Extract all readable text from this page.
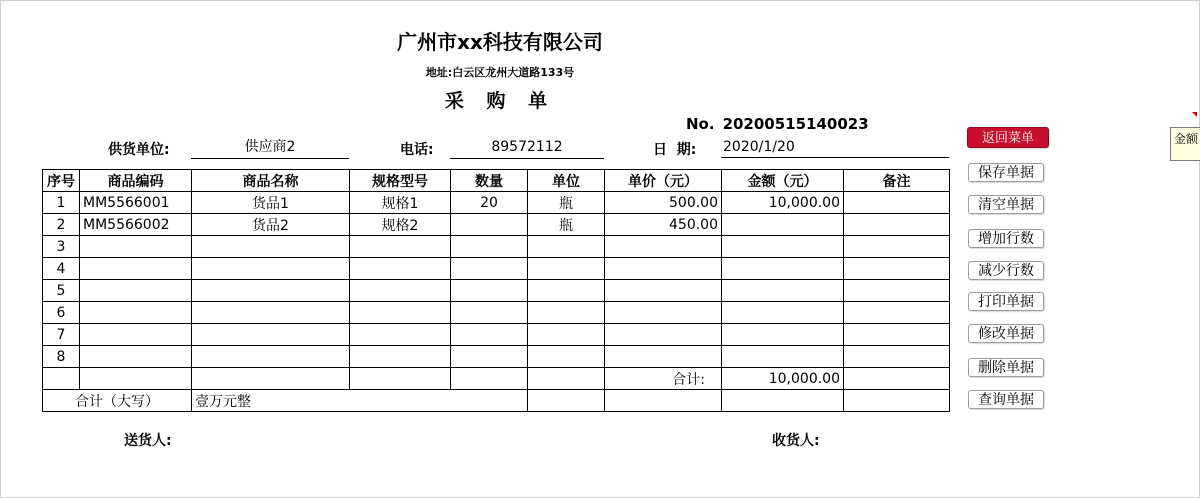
广州市xx科技有限公司
地址:白云区龙州大道路133号
采 购 单
No. 20200515140023
供货单位:	供应商2	电话:	89572112	日  期: 2020/1/20
序号	商品编码	商品名称	规格型号	数量	单位	单价（元）	金额（元）	备注
1	MM5566001	货品1	规格1	20	瓶	500.00	10,000.00	
2	MM5566002	货品2	规格2		瓶	450.00		
3								
4								
5								
6								
7								
8								
						合计:	10,000.00	
合计（大写）		壹万元整						
送货人:	收货人:
返回菜单
保存单据
清空单据
增加行数
减少行数
打印单据
修改单据
删除单据
查询单据
金额
